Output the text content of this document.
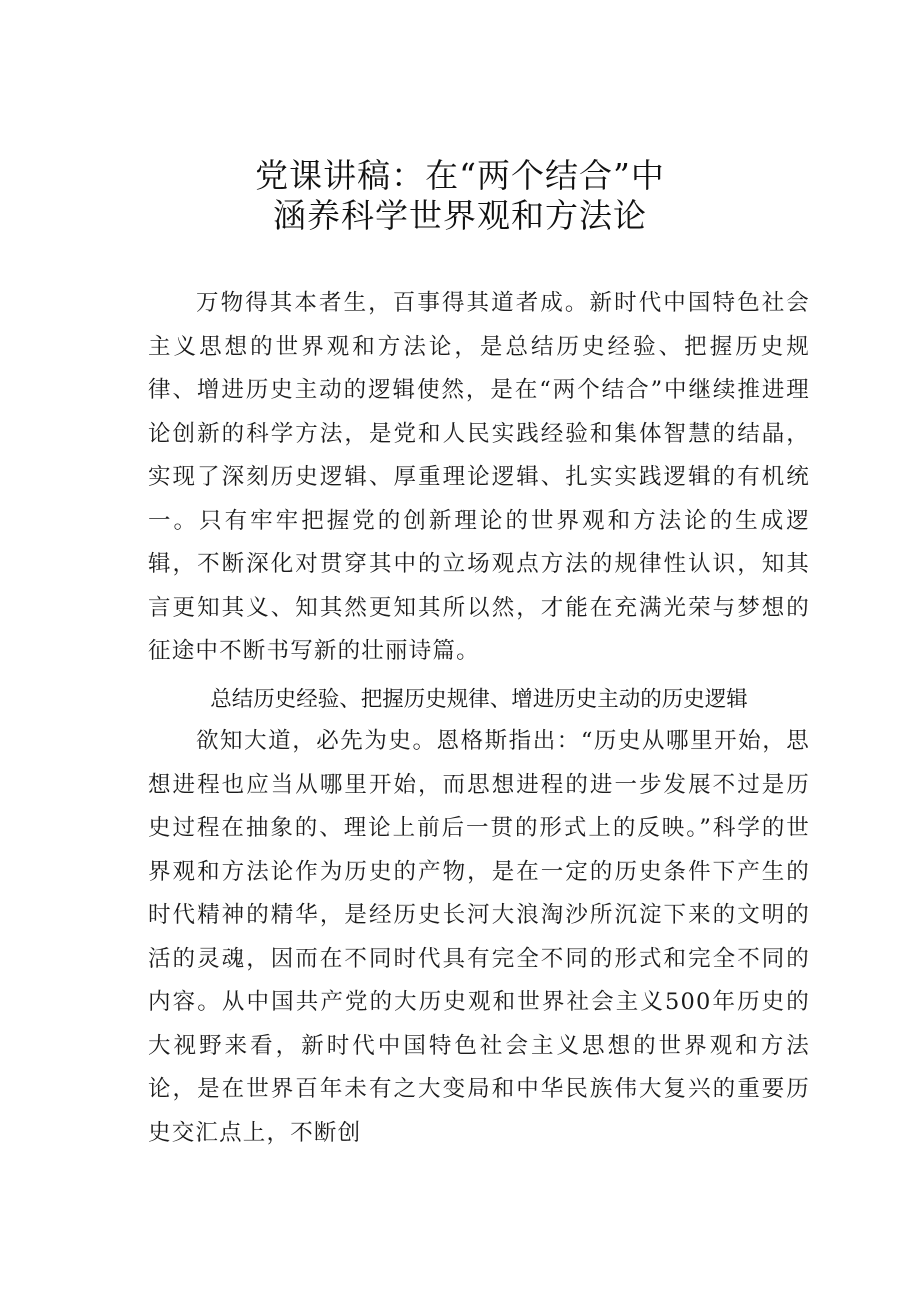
党课讲稿：在“两个结合”中
涵养科学世界观和方法论

万物得其本者生，百事得其道者成。新时代中国特色社会主义思想的世界观和方法论，是总结历史经验、把握历史规律、增进历史主动的逻辑使然，是在“两个结合”中继续推进理论创新的科学方法，是党和人民实践经验和集体智慧的结晶，实现了深刻历史逻辑、厚重理论逻辑、扎实实践逻辑的有机统一。只有牢牢把握党的创新理论的世界观和方法论的生成逻辑，不断深化对贯穿其中的立场观点方法的规律性认识，知其言更知其义、知其然更知其所以然，才能在充满光荣与梦想的征途中不断书写新的壮丽诗篇。

总结历史经验、把握历史规律、增进历史主动的历史逻辑

欲知大道，必先为史。恩格斯指出：“历史从哪里开始，思想进程也应当从哪里开始，而思想进程的进一步发展不过是历史过程在抽象的、理论上前后一贯的形式上的反映。”科学的世界观和方法论作为历史的产物，是在一定的历史条件下产生的时代精神的精华，是经历史长河大浪淘沙所沉淀下来的文明的活的灵魂，因而在不同时代具有完全不同的形式和完全不同的内容。从中国共产党的大历史观和世界社会主义500年历史的大视野来看，新时代中国特色社会主义思想的世界观和方法论，是在世界百年未有之大变局和中华民族伟大复兴的重要历史交汇点上，不断创
